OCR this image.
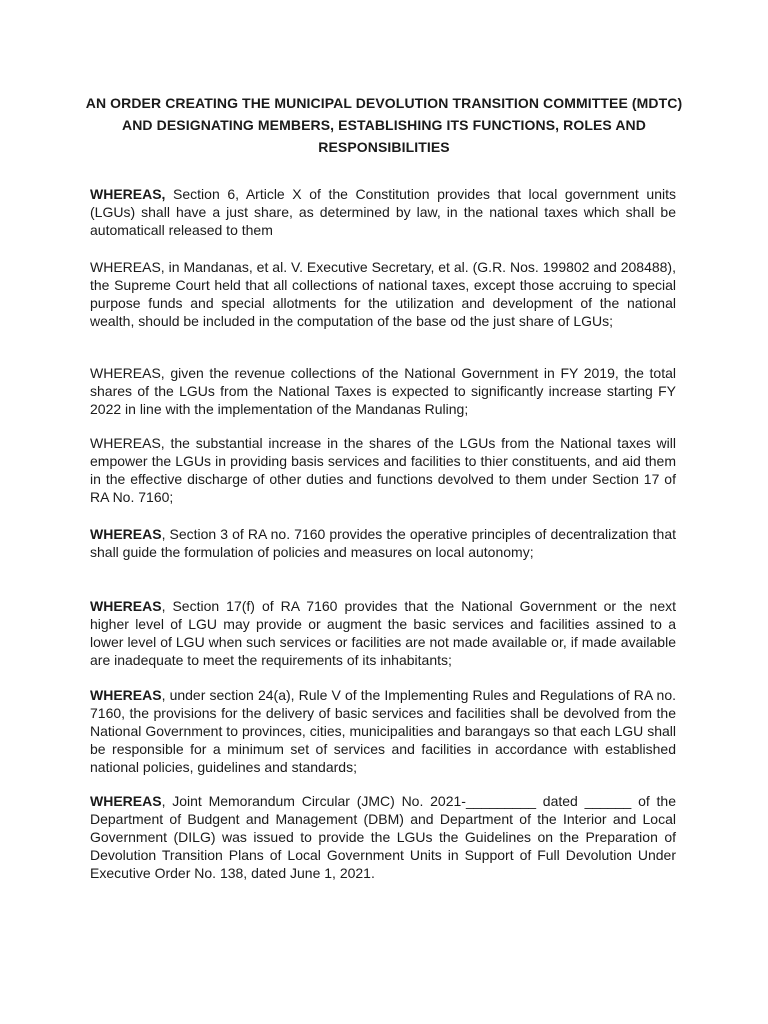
AN ORDER CREATING THE MUNICIPAL DEVOLUTION TRANSITION COMMITTEE (MDTC) AND DESIGNATING MEMBERS, ESTABLISHING ITS FUNCTIONS, ROLES AND RESPONSIBILITIES

WHEREAS, Section 6, Article X of the Constitution provides that local government units (LGUs) shall have a just share, as determined by law, in the national taxes which shall be automaticall released to them

WHEREAS, in Mandanas, et al. V. Executive Secretary, et al. (G.R. Nos. 199802 and 208488), the Supreme Court held that all collections of national taxes, except those accruing to special purpose funds and special allotments for the utilization and development of the national wealth, should be included in the computation of the base od the just share of LGUs;

WHEREAS, given the revenue collections of the National Government in FY 2019, the total shares of the LGUs from the National Taxes is expected to significantly increase starting FY 2022 in line with the implementation of the Mandanas Ruling;

WHEREAS, the substantial increase in the shares of the LGUs from the National taxes will empower the LGUs in providing basis services and facilities to thier constituents, and aid them in the effective discharge of other duties and functions devolved to them under Section 17 of RA No. 7160;

WHEREAS, Section 3 of RA no. 7160 provides the operative principles of decentralization that shall guide the formulation of policies and measures on local autonomy;

WHEREAS, Section 17(f) of RA 7160 provides that the National Government or the next higher level of LGU may provide or augment the basic services and facilities assined to a lower level of LGU when such services or facilities are not made available or, if made available are inadequate to meet the requirements of its inhabitants;

WHEREAS, under section 24(a), Rule V of the Implementing Rules and Regulations of RA no. 7160, the provisions for the delivery of basic services and facilities shall be devolved from the National Government to provinces, cities, municipalities and barangays so that each LGU shall be responsible for a minimum set of services and facilities in accordance with established national policies, guidelines and standards;

WHEREAS, Joint Memorandum Circular (JMC) No. 2021-_________ dated ______ of the Department of Budgent and Management (DBM) and Department of the Interior and Local Government (DILG) was issued to provide the LGUs the Guidelines on the Preparation of Devolution Transition Plans of Local Government Units in Support of Full Devolution Under Executive Order No. 138, dated June 1, 2021.
